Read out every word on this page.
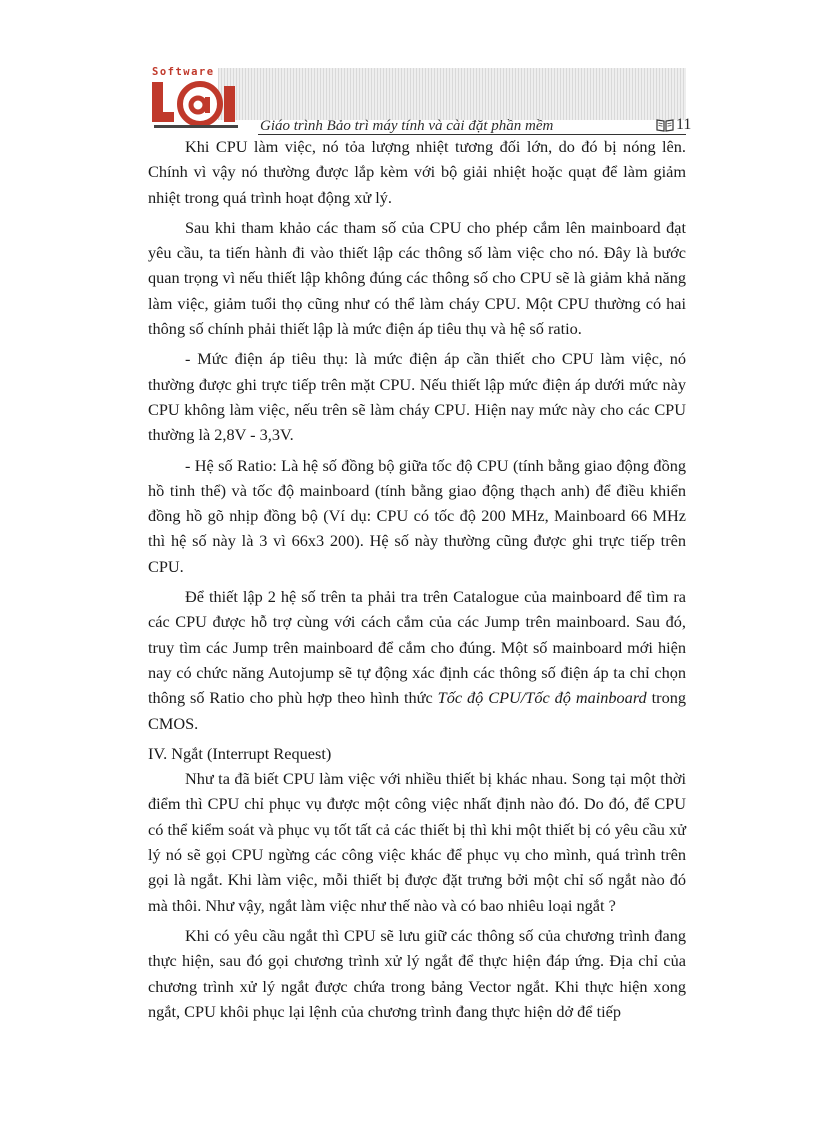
Software
Giáo trình Bảo trì máy tính và cài đặt phần mềm	11

Khi CPU làm việc, nó tỏa lượng nhiệt tương đối lớn, do đó bị nóng lên. Chính vì vậy nó thường được lắp kèm với bộ giải nhiệt hoặc quạt để làm giảm nhiệt trong quá trình hoạt động xử lý.

Sau khi tham khảo các tham số của CPU cho phép cắm lên mainboard đạt yêu cầu, ta tiến hành đi vào thiết lập các thông số làm việc cho nó. Đây là bước quan trọng vì nếu thiết lập không đúng các thông số cho CPU sẽ là giảm khả năng làm việc, giảm tuổi thọ cũng như có thể làm cháy CPU. Một CPU thường có hai thông số chính phải thiết lập là mức điện áp tiêu thụ và hệ số ratio.

- Mức điện áp tiêu thụ: là mức điện áp cần thiết cho CPU làm việc, nó thường được ghi trực tiếp trên mặt CPU. Nếu thiết lập mức điện áp dưới mức này CPU không làm việc, nếu trên sẽ làm cháy CPU. Hiện nay mức này cho các CPU thường là 2,8V - 3,3V.

- Hệ số Ratio: Là hệ số đồng bộ giữa tốc độ CPU (tính bằng giao động đồng hồ tinh thể) và tốc độ mainboard (tính bằng giao động thạch anh) để điều khiển đồng hồ gõ nhịp đồng bộ (Ví dụ: CPU có tốc độ 200 MHz, Mainboard 66 MHz thì hệ số này là 3 vì 66x3 200). Hệ số này thường cũng được ghi trực tiếp trên CPU.

Để thiết lập 2 hệ số trên ta phải tra trên Catalogue của mainboard để tìm ra các CPU được hỗ trợ cùng với cách cắm của các Jump trên mainboard. Sau đó, truy tìm các Jump trên mainboard để cắm cho đúng. Một số mainboard mới hiện nay có chức năng Autojump sẽ tự động xác định các thông số điện áp ta chỉ chọn thông số Ratio cho phù hợp theo hình thức Tốc độ CPU/Tốc độ mainboard trong CMOS.

IV. Ngắt (Interrupt Request)

Như ta đã biết CPU làm việc với nhiều thiết bị khác nhau. Song tại một thời điểm thì CPU chỉ phục vụ được một công việc nhất định nào đó. Do đó, để CPU có thể kiểm soát và phục vụ tốt tất cả các thiết bị thì khi một thiết bị có yêu cầu xử lý nó sẽ gọi CPU ngừng các công việc khác để phục vụ cho mình, quá trình trên gọi là ngắt. Khi làm việc, mỗi thiết bị được đặt trưng bởi một chỉ số ngắt nào đó mà thôi. Như vậy, ngắt làm việc như thế nào và có bao nhiêu loại ngắt ?

Khi có yêu cầu ngắt thì CPU sẽ lưu giữ các thông số của chương trình đang thực hiện, sau đó gọi chương trình xử lý ngắt để thực hiện đáp ứng. Địa chỉ của chương trình xử lý ngắt được chứa trong bảng Vector ngắt. Khi thực hiện xong ngắt, CPU khôi phục lại lệnh của chương trình đang thực hiện dở để tiếp
